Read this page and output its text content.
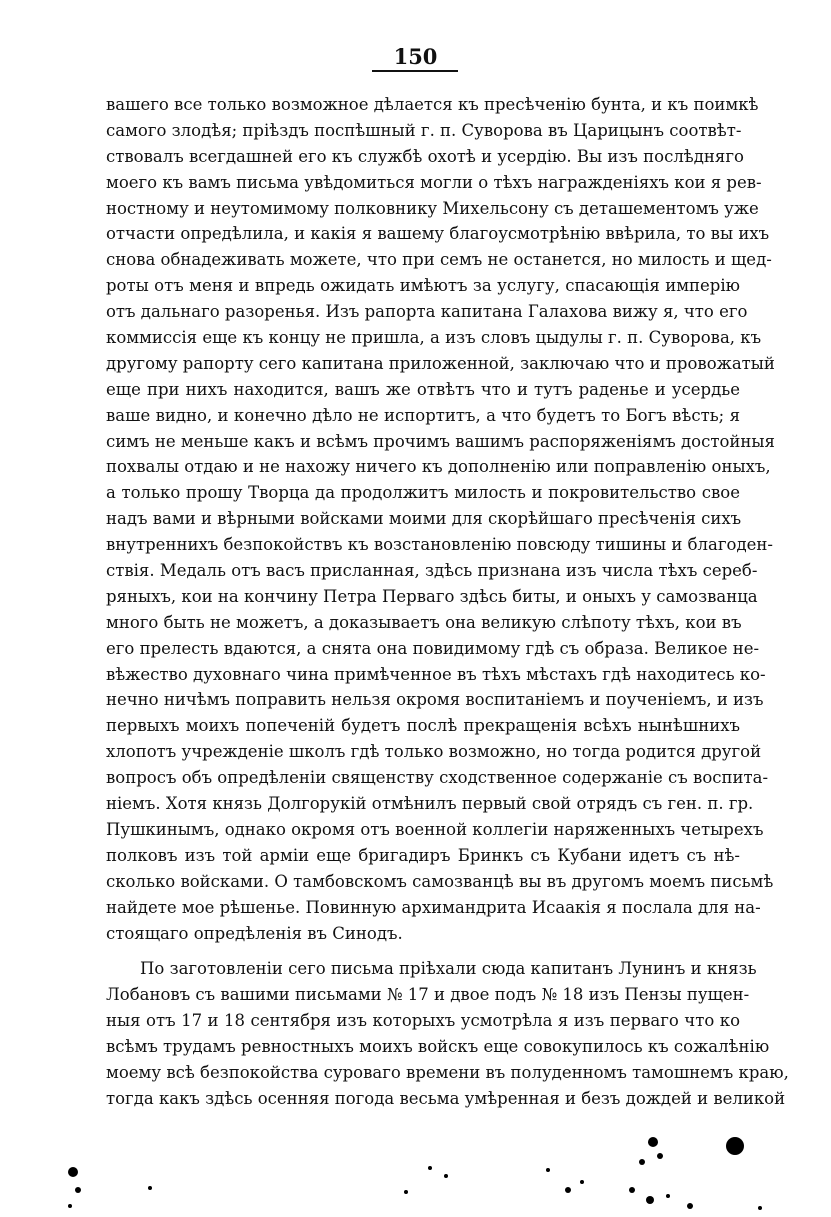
150
вашего все только возможное дѣлается къ пресѣченію бунта, и къ поимкѣ
самого злодѣя; пріѣздъ поспѣшный г. п. Суворова въ Царицынъ соотвѣт-
ствовалъ всегдашней его къ службѣ охотѣ и усердію. Вы изъ послѣдняго
моего къ вамъ письма увѣдомиться могли о тѣхъ награжденіяхъ кои я рев-
ностному и неутомимому полковнику Михельсону съ деташементомъ уже
отчасти опредѣлила, и какія я вашему благоусмотрѣнію ввѣрила, то вы ихъ
снова обнадеживать можете, что при семъ не останется, но милость и щед-
роты отъ меня и впредь ожидать имѣютъ за услугу, спасающія имперію
отъ дальнаго разоренья. Изъ рапорта капитана Галахова вижу я, что его
коммиссія еще къ концу не пришла, а изъ словъ цыдулы г. п. Суворова, къ
другому рапорту сего капитана приложенной, заключаю что и провожатый
еще при нихъ находится, вашъ же отвѣтъ что и тутъ раденье и усердье
ваше видно, и конечно дѣло не испортитъ, а что будетъ то Богъ вѣсть; я
симъ не меньше какъ и всѣмъ прочимъ вашимъ распоряженіямъ достойныя
похвалы отдаю и не нахожу ничего къ дополненію или поправленію оныхъ,
а только прошу Творца да продолжитъ милость и покровительство свое
надъ вами и вѣрными войсками моими для скорѣйшаго пресѣченія сихъ
внутреннихъ безпокойствъ къ возстановленію повсюду тишины и благоден-
ствія. Медаль отъ васъ присланная, здѣсь признана изъ числа тѣхъ сереб-
ряныхъ, кои на кончину Петра Перваго здѣсь биты, и оныхъ у самозванца
много быть не можетъ, а доказываетъ она великую слѣпоту тѣхъ, кои въ
его прелесть вдаются, а снята она повидимому гдѣ съ образа. Великое не-
вѣжество духовнаго чина примѣченное въ тѣхъ мѣстахъ гдѣ находитесь ко-
нечно ничѣмъ поправить нельзя окромя воспитаніемъ и поученіемъ, и изъ
первыхъ моихъ попеченій будетъ послѣ прекращенія всѣхъ нынѣшнихъ
хлопотъ учрежденіе школъ гдѣ только возможно, но тогда родится другой
вопросъ объ опредѣленіи священству сходственное содержаніе съ воспита-
ніемъ. Хотя князь Долгорукій отмѣнилъ первый свой отрядъ съ ген. п. гр.
Пушкинымъ, однако окромя отъ военной коллегіи наряженныхъ четырехъ
полковъ изъ той арміи еще бригадиръ Бринкъ съ Кубани идетъ съ нѣ-
сколько войсками. О тамбовскомъ самозванцѣ вы въ другомъ моемъ письмѣ
найдете мое рѣшенье. Повинную архимандрита Исаакія я послала для на-
стоящаго опредѣленія въ Синодъ.
По заготовленіи сего письма пріѣхали сюда капитанъ Лунинъ и князь
Лобановъ съ вашими письмами № 17 и двое подъ № 18 изъ Пензы пущен-
ныя отъ 17 и 18 сентября изъ которыхъ усмотрѣла я изъ перваго что ко
всѣмъ трудамъ ревностныхъ моихъ войскъ еще совокупилось къ сожалѣнію
моему всѣ безпокойства суроваго времени въ полуденномъ тамошнемъ краю,
тогда какъ здѣсь осенняя погода весьма умѣренная и безъ дождей и великой
